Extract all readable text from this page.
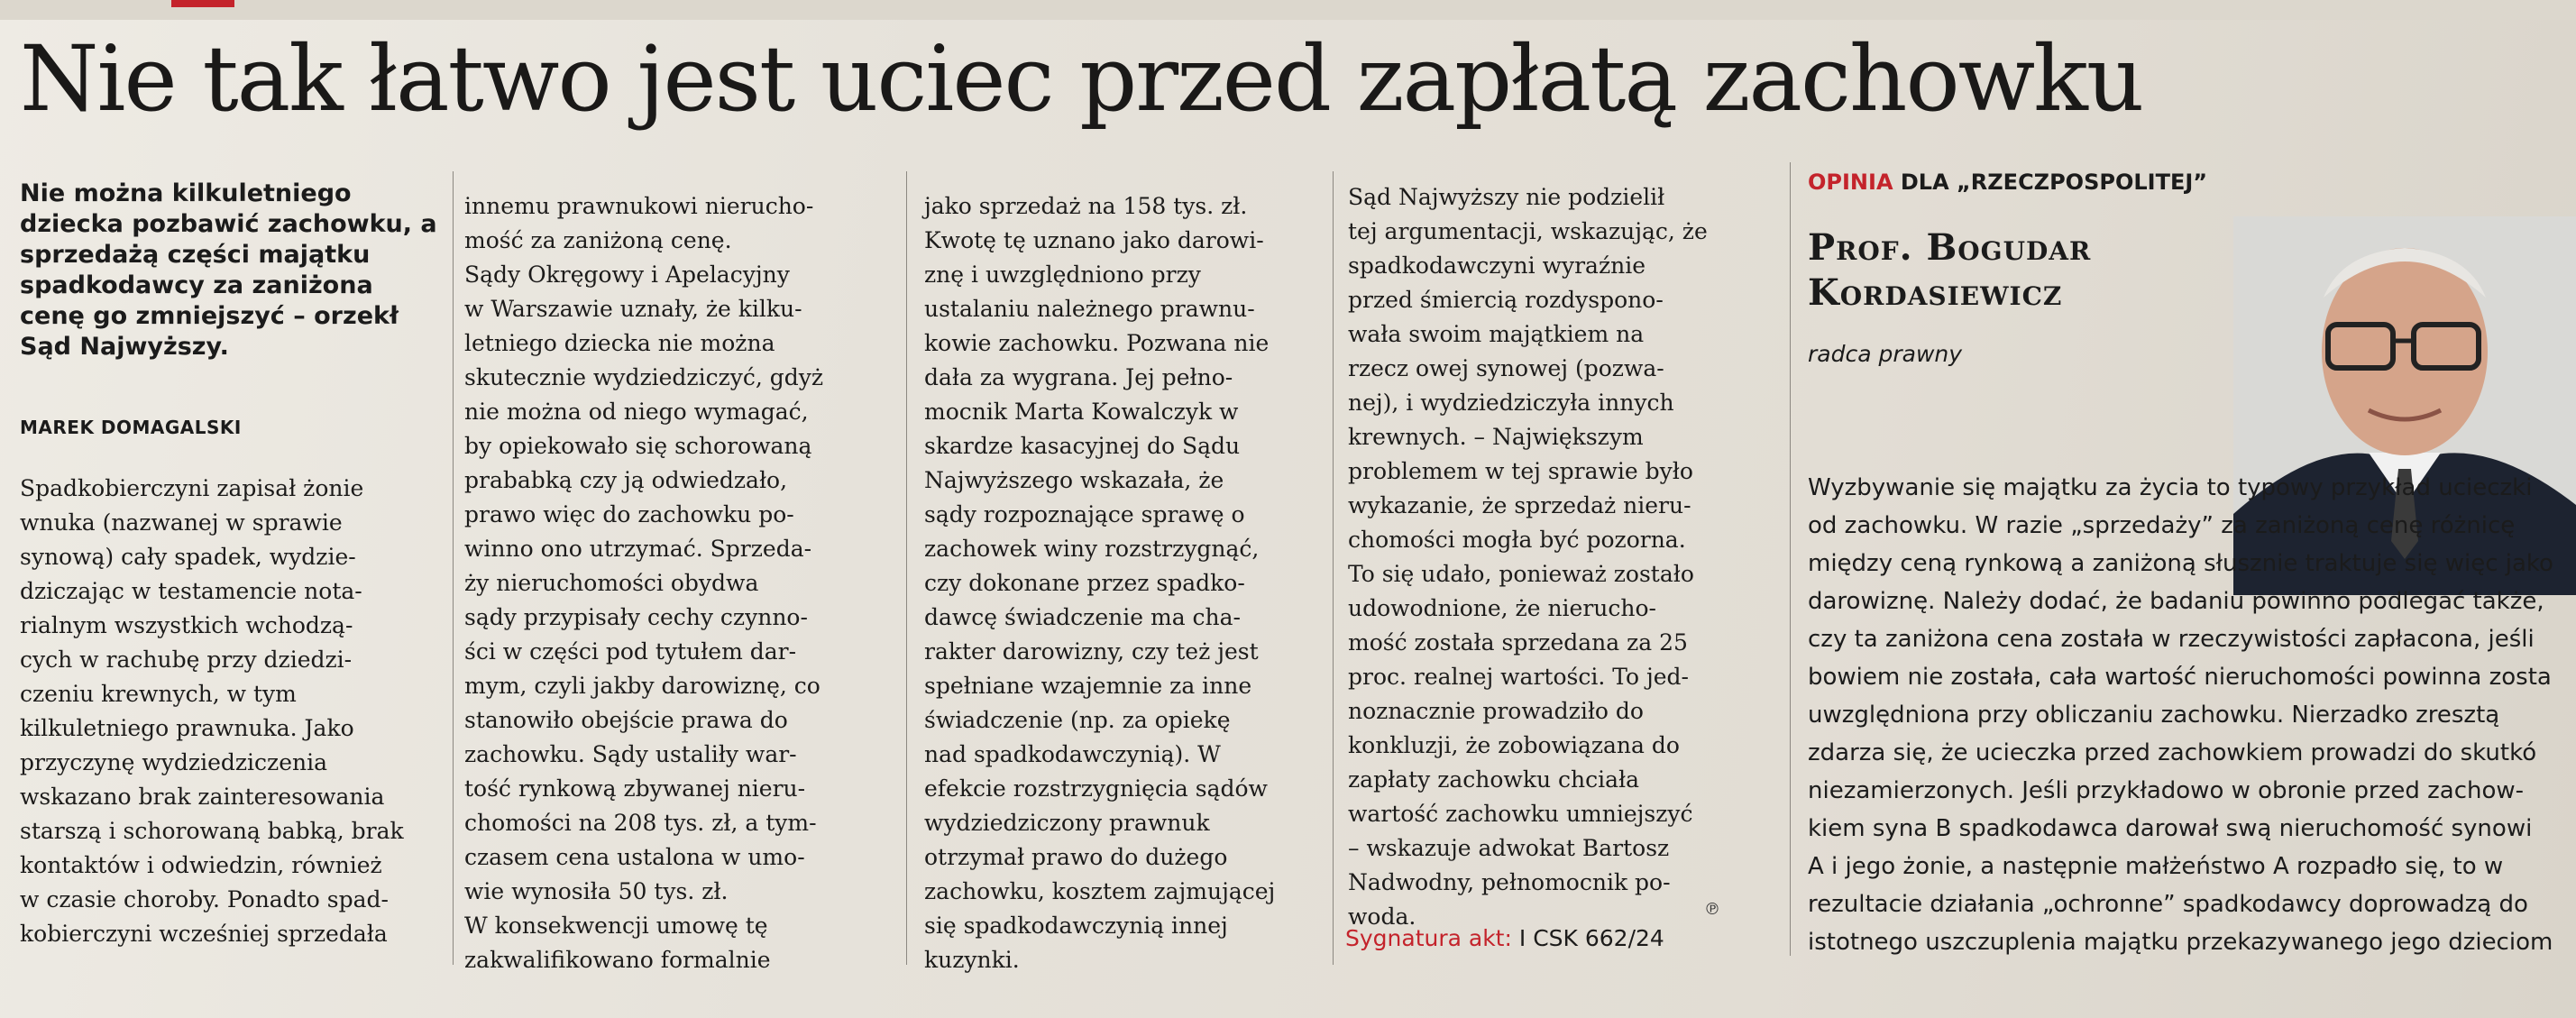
Nie tak łatwo jest uciec przed zapłatą zachowku

Nie można kilkuletniego dziecka pozbawić zachowku, a sprzedażą części majątku spadkodawcy za zaniżona cenę go zmniejszyć – orzekł Sąd Najwyższy.

MAREK DOMAGALSKI

Spadkobierczyni zapisał żonie
wnuka (nazwanej w sprawie
synową) cały spadek, wydzie-
dziczając w testamencie nota-
rialnym wszystkich wchodzą-
cych w rachubę przy dziedzi-
czeniu krewnych, w tym
kilkuletniego prawnuka. Jako
przyczynę wydziedziczenia
wskazano brak zainteresowania
starszą i schorowaną babką, brak
kontaktów i odwiedzin, również
w czasie choroby. Ponadto spad-
kobierczyni wcześniej sprzedała

innemu prawnukowi nierucho-
mość za zaniżoną cenę.
Sądy Okręgowy i Apelacyjny
w Warszawie uznały, że kilku-
letniego dziecka nie można
skutecznie wydziedziczyć, gdyż
nie można od niego wymagać,
by opiekowało się schorowaną
prababką czy ją odwiedzało,
prawo więc do zachowku po-
winno ono utrzymać. Sprzeda-
ży nieruchomości obydwa
sądy przypisały cechy czynno-
ści w części pod tytułem dar-
mym, czyli jakby darowiznę, co
stanowiło obejście prawa do
zachowku. Sądy ustaliły war-
tość rynkową zbywanej nieru-
chomości na 208 tys. zł, a tym-
czasem cena ustalona w umo-
wie wynosiła 50 tys. zł.
W konsekwencji umowę tę
zakwalifikowano formalnie

jako sprzedaż na 158 tys. zł.
Kwotę tę uznano jako darowi-
znę i uwzględniono przy
ustalaniu należnego prawnu-
kowie zachowku. Pozwana nie
dała za wygrana. Jej pełno-
mocnik Marta Kowalczyk w
skardze kasacyjnej do Sądu
Najwyższego wskazała, że
sądy rozpoznające sprawę o
zachowek winy rozstrzygnąć,
czy dokonane przez spadko-
dawcę świadczenie ma cha-
rakter darowizny, czy też jest
spełniane wzajemnie za inne
świadczenie (np. za opiekę
nad spadkodawczynią). W
efekcie rozstrzygnięcia sądów
wydziedziczony prawnuk
otrzymał prawo do dużego
zachowku, kosztem zajmującej
się spadkodawczynią innej
kuzynki.

Sąd Najwyższy nie podzielił
tej argumentacji, wskazując, że
spadkodawczyni wyraźnie
przed śmiercią rozdyspono-
wała swoim majątkiem na
rzecz owej synowej (pozwa-
nej), i wydziedziczyła innych
krewnych. – Największym
problemem w tej sprawie było
wykazanie, że sprzedaż nieru-
chomości mogła być pozorna.
To się udało, ponieważ zostało
udowodnione, że nierucho-
mość została sprzedana za 25
proc. realnej wartości. To jed-
noznacznie prowadziło do
konkluzji, że zobowiązana do
zapłaty zachowku chciała
wartość zachowku umniejszyć
– wskazuje adwokat Bartosz
Nadwodny, pełnomocnik po-
woda.	℗
Sygnatura akt: I CSK 662/24
OPINIA DLA „RZECZPOSPOLITEJ”

Prof. Bogudar
Kordasiewicz

radca prawny

Wyzbywanie się majątku za życia to typowy przykład ucieczki
od zachowku. W razie „sprzedaży” za zaniżoną cenę różnicę
między ceną rynkową a zaniżoną słusznie traktuje się więc jako
darowiznę. Należy dodać, że badaniu powinno podlegać także,
czy ta zaniżona cena została w rzeczywistości zapłacona, jeśli
bowiem nie została, cała wartość nieruchomości powinna zosta
uwzględniona przy obliczaniu zachowku. Nierzadko zresztą
zdarza się, że ucieczka przed zachowkiem prowadzi do skutkó
niezamierzonych. Jeśli przykładowo w obronie przed zachow-
kiem syna B spadkodawca darował swą nieruchomość synowi
A i jego żonie, a następnie małżeństwo A rozpadło się, to w
rezultacie działania „ochronne” spadkodawcy doprowadzą do
istotnego uszczuplenia majątku przekazywanego jego dzieciom
